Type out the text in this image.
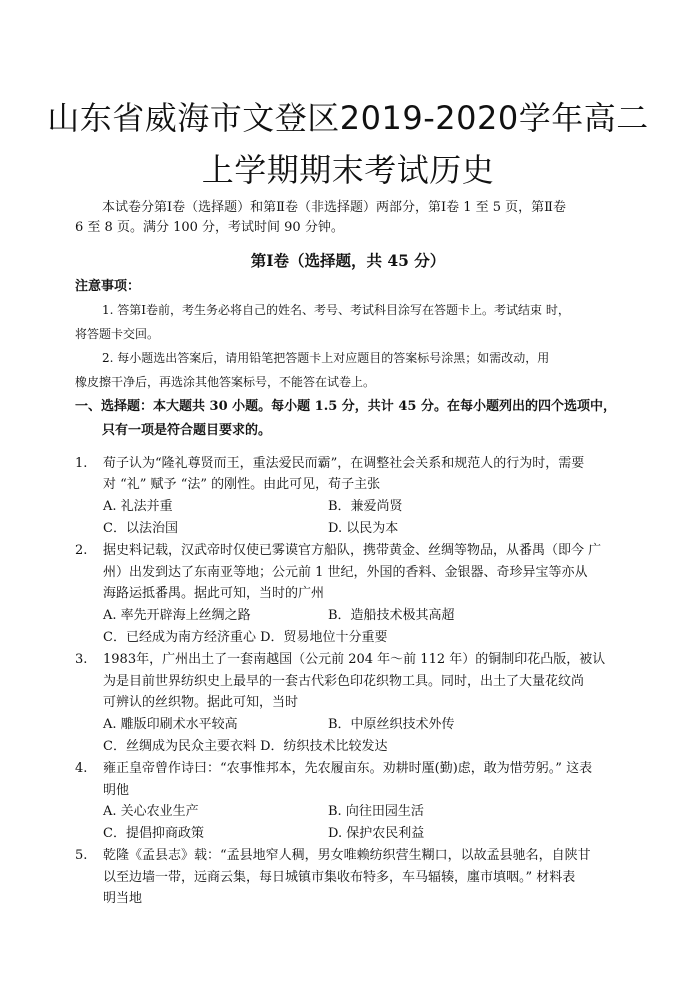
山东省威海市文登区2019-2020学年高二
上学期期末考试历史
本试卷分第Ⅰ卷（选择题）和第Ⅱ卷（非选择题）两部分，第Ⅰ卷 1 至 5 页，第Ⅱ卷
6 至 8 页。满分 100 分，考试时间 90 分钟。
第Ⅰ卷（选择题，共 45 分）
注意事项：
1. 答第Ⅰ卷前，考生务必将自己的姓名、考号、考试科目涂写在答题卡上。考试结束 时，
将答题卡交回。
2. 每小题选出答案后，请用铅笔把答题卡上对应题目的答案标号涂黑；如需改动，用
橡皮擦干净后，再选涂其他答案标号，不能答在试卷上。
一、选择题：本大题共 30 小题。每小题 1.5 分，共计 45 分。在每小题列出的四个选项中，
只有一项是符合题目要求的。
1. 荀子认为“隆礼尊贤而王，重法爱民而霸”，在调整社会关系和规范人的行为时，需要
对 “礼” 赋予 “法” 的刚性。由此可见，荀子主张
A. 礼法并重	B．兼爱尚贤
C．以法治国	D. 以民为本
2. 据史料记载，汉武帝时仅使已雾谟官方船队，携带黄金、丝绸等物品，从番禺（即今 广
州）出发到达了东南亚等地；公元前 1 世纪，外国的香料、金银器、奇珍异宝等亦从
海路运抵番禺。据此可知，当时的广州
A. 率先开辟海上丝绸之路	B．造船技术极其高超
C．已经成为南方经济重心 D．贸易地位十分重要
3. 1983年，广州出土了一套南越国（公元前 204 年～前 112 年）的铜制印花凸版，被认
为是目前世界纺织史上最早的一套古代彩色印花织物工具。同时，出土了大量花纹尚
可辨认的丝织物。据此可知，当时
A. 雕版印刷术水平较高	B．中原丝织技术外传
C．丝绸成为民众主要衣料 D．纺织技术比较发达
4. 雍正皇帝曾作诗曰：“农事惟邦本，先农履亩东。劝耕时厪(勤)虑，敢为惜劳躬。” 这表
明他
A. 关心农业生产	B. 向往田园生活
C．提倡抑商政策	D. 保护农民利益
5. 乾隆《孟县志》载：“孟县地窄人稠，男女唯赖纺织营生糊口，以故孟县驰名，自陕甘
以至边墙一带，远商云集，每日城镇市集收布特多，车马辐辏，廛市填咽。” 材料表
明当地
